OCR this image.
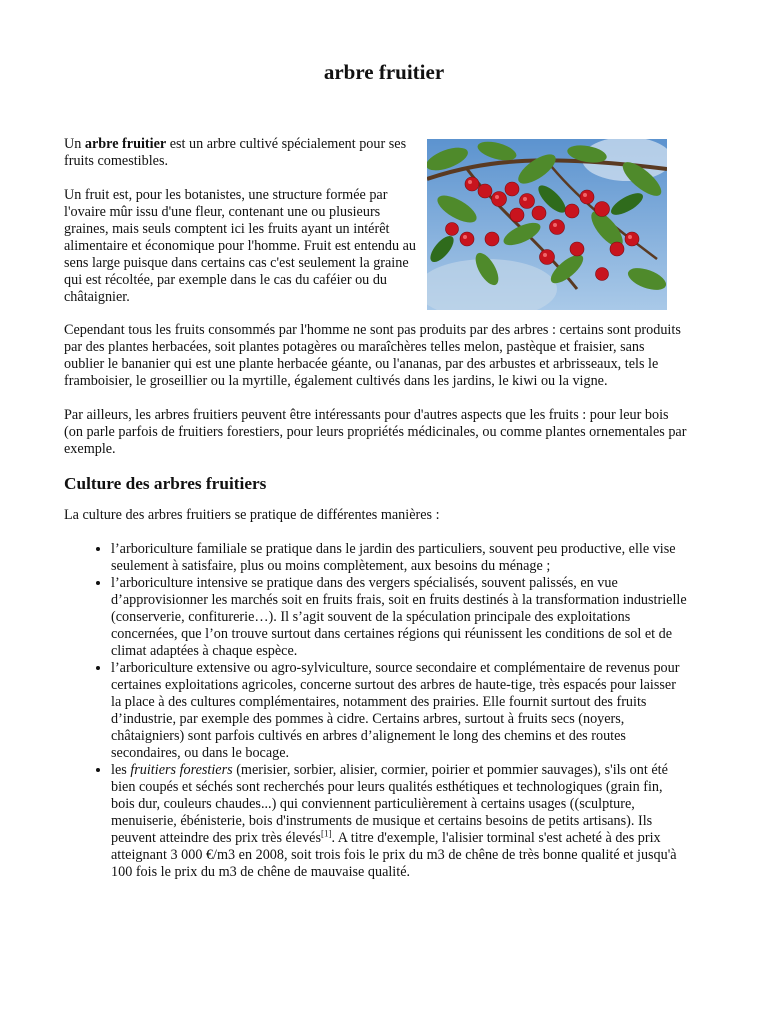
arbre fruitier

Un arbre fruitier est un arbre cultivé spécialement pour ses fruits comestibles.

Un fruit est, pour les botanistes, une structure formée par l'ovaire mûr issu d'une fleur, contenant une ou plusieurs graines, mais seuls comptent ici les fruits ayant un intérêt alimentaire et économique pour l'homme. Fruit est entendu au sens large puisque dans certains cas c'est seulement la graine qui est récoltée, par exemple dans le cas du caféier ou du châtaignier.

Cependant tous les fruits consommés par l'homme ne sont pas produits par des arbres : certains sont produits par des plantes herbacées, soit plantes potagères ou maraîchères telles melon, pastèque et fraisier, sans oublier le bananier qui est une plante herbacée géante, ou l'ananas, par des arbustes et arbrisseaux, tels le framboisier, le groseillier ou la myrtille, également cultivés dans les jardins, le kiwi ou la vigne.

Par ailleurs, les arbres fruitiers peuvent être intéressants pour d'autres aspects que les fruits : pour leur bois (on parle parfois de fruitiers forestiers, pour leurs propriétés médicinales, ou comme plantes ornementales par exemple.

Culture des arbres fruitiers

La culture des arbres fruitiers se pratique de différentes manières :

• l’arboriculture familiale se pratique dans le jardin des particuliers, souvent peu productive, elle vise seulement à satisfaire, plus ou moins complètement, aux besoins du ménage ;
• l’arboriculture intensive se pratique dans des vergers spécialisés, souvent palissés, en vue d’approvisionner les marchés soit en fruits frais, soit en fruits destinés à la transformation industrielle (conserverie, confiturerie…). Il s’agit souvent de la spéculation principale des exploitations concernées, que l’on trouve surtout dans certaines régions qui réunissent les conditions de sol et de climat adaptées à chaque espèce.
• l’arboriculture extensive ou agro-sylviculture, source secondaire et complémentaire de revenus pour certaines exploitations agricoles, concerne surtout des arbres de haute-tige, très espacés pour laisser la place à des cultures complémentaires, notamment des prairies. Elle fournit surtout des fruits d’industrie, par exemple des pommes à cidre. Certains arbres, surtout à fruits secs (noyers, châtaigniers) sont parfois cultivés en arbres d’alignement le long des chemins et des routes secondaires, ou dans le bocage.
• les fruitiers forestiers (merisier, sorbier, alisier, cormier, poirier et pommier sauvages), s'ils ont été bien coupés et séchés sont recherchés pour leurs qualités esthétiques et technologiques (grain fin, bois dur, couleurs chaudes...) qui conviennent particulièrement à certains usages ((sculpture, menuiserie, ébénisterie, bois d'instruments de musique et certains besoins de petits artisans). Ils peuvent atteindre des prix très élevés[1]. A titre d'exemple, l'alisier torminal s'est acheté à des prix atteignant 3 000 €/m3 en 2008, soit trois fois le prix du m3 de chêne de très bonne qualité et jusqu'à 100 fois le prix du m3 de chêne de mauvaise qualité.
